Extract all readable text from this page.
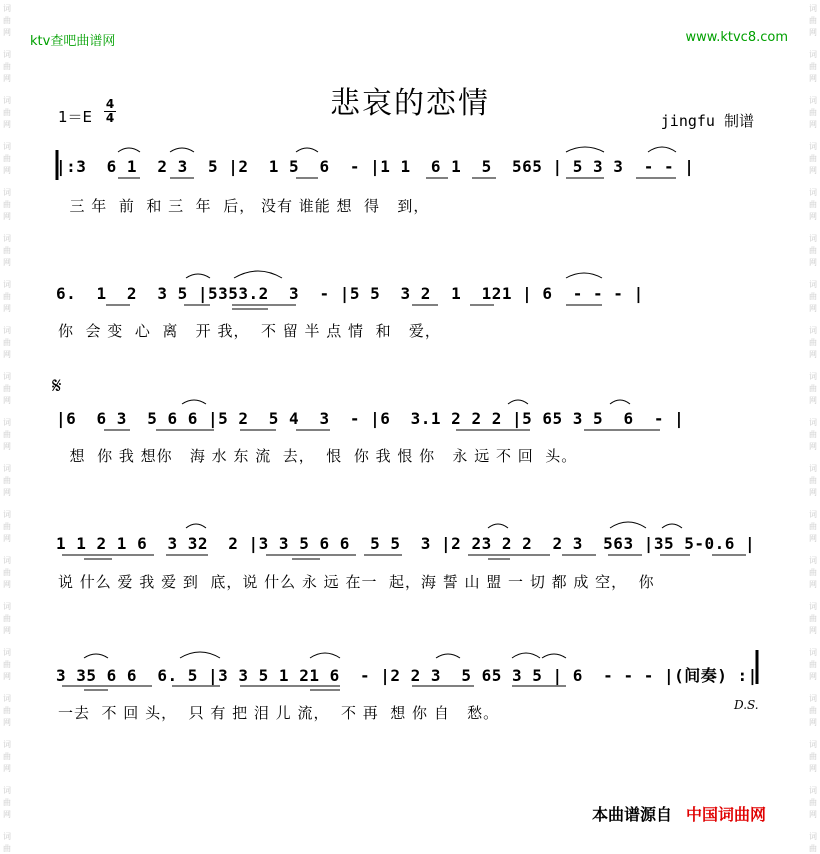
词
曲
网
词
曲
网
词
曲
网
词
曲
网
词
曲
网
词
曲
网
词
曲
网
词
曲
网
词
曲
网
词
曲
网
词
曲
网
词
曲
网
词
曲
网
词
曲
网
词
曲
网
词
曲
网
词
曲
网
词
曲
网
词
曲
词
曲
网
词
曲
网
词
曲
网
词
曲
网
词
曲
网
词
曲
网
词
曲
网
词
曲
网
词
曲
网
词
曲
网
词
曲
网
词
曲
网
词
曲
网
词
曲
网
词
曲
网
词
曲
网
词
曲
网
词
曲
网
词
曲
ktv查吧曲谱网	www.ktvc8.com
悲哀的恋情
1＝E
4
4	jingfu 制谱
|:3  6 1  2 3  5 |2  1 5  6  - |1 1  6 1  5  565 | 5 3 3  - - |
三 年  前  和 三  年  后， 没有 谁能 想  得   到，
6.  1  2  3 5 |5353.2  3  - |5 5  3 2  1  121 | 6  - - - |
你  会 变  心  离   开 我，  不 留 半 点 情  和   爱，
𝄋
|6  6 3  5 6 6 |5 2  5 4  3  - |6  3.1 2 2 2 |5 65 3 5  6  - |
想  你 我 想你   海 水 东 流  去，  恨  你 我 恨 你   永 远 不 回  头。
1 1 2 1 6  3 32  2 |3 3 5 6 6  5 5  3 |2 23 2 2  2 3  563 |35 5-0.6 |
说 什么 爱 我 爱 到  底，说 什么 永 远 在一  起，海 誓 山 盟 一 切 都 成 空，  你
3 35 6 6  6. 5 |3 3 5 1 21 6  - |2 2 3  5 65 3 5 | 6  - - - |(间奏) :|
一去  不 回 头，  只 有 把 泪 儿 流，  不 再  想 你 自   愁。	D.S.
本曲谱源自 中国词曲网
